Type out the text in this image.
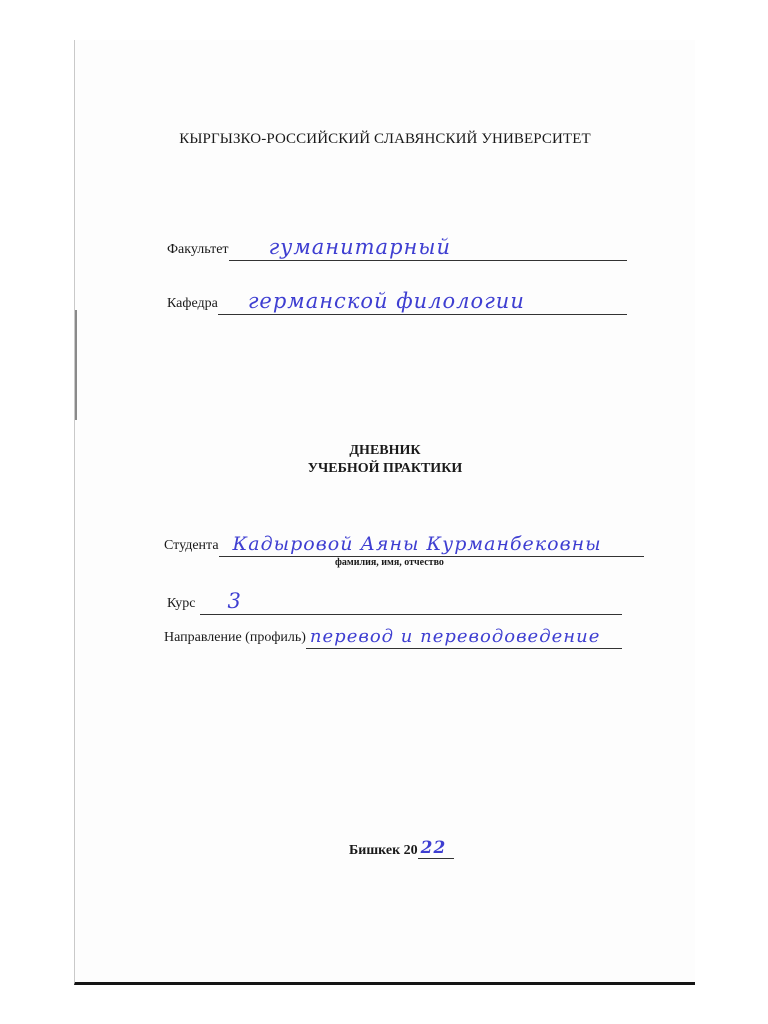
КЫРГЫЗКО-РОССИЙСКИЙ СЛАВЯНСКИЙ УНИВЕРСИТЕТ
Факультет гуманитарный
Кафедра германской филологии
ДНЕВНИК
УЧЕБНОЙ ПРАКТИКИ
Студента Кадыровой Аяны Курманбековны
фамилия, имя, отчество
Курс 3
Направление (профиль) перевод и переводоведение
Бишкек 20 22
